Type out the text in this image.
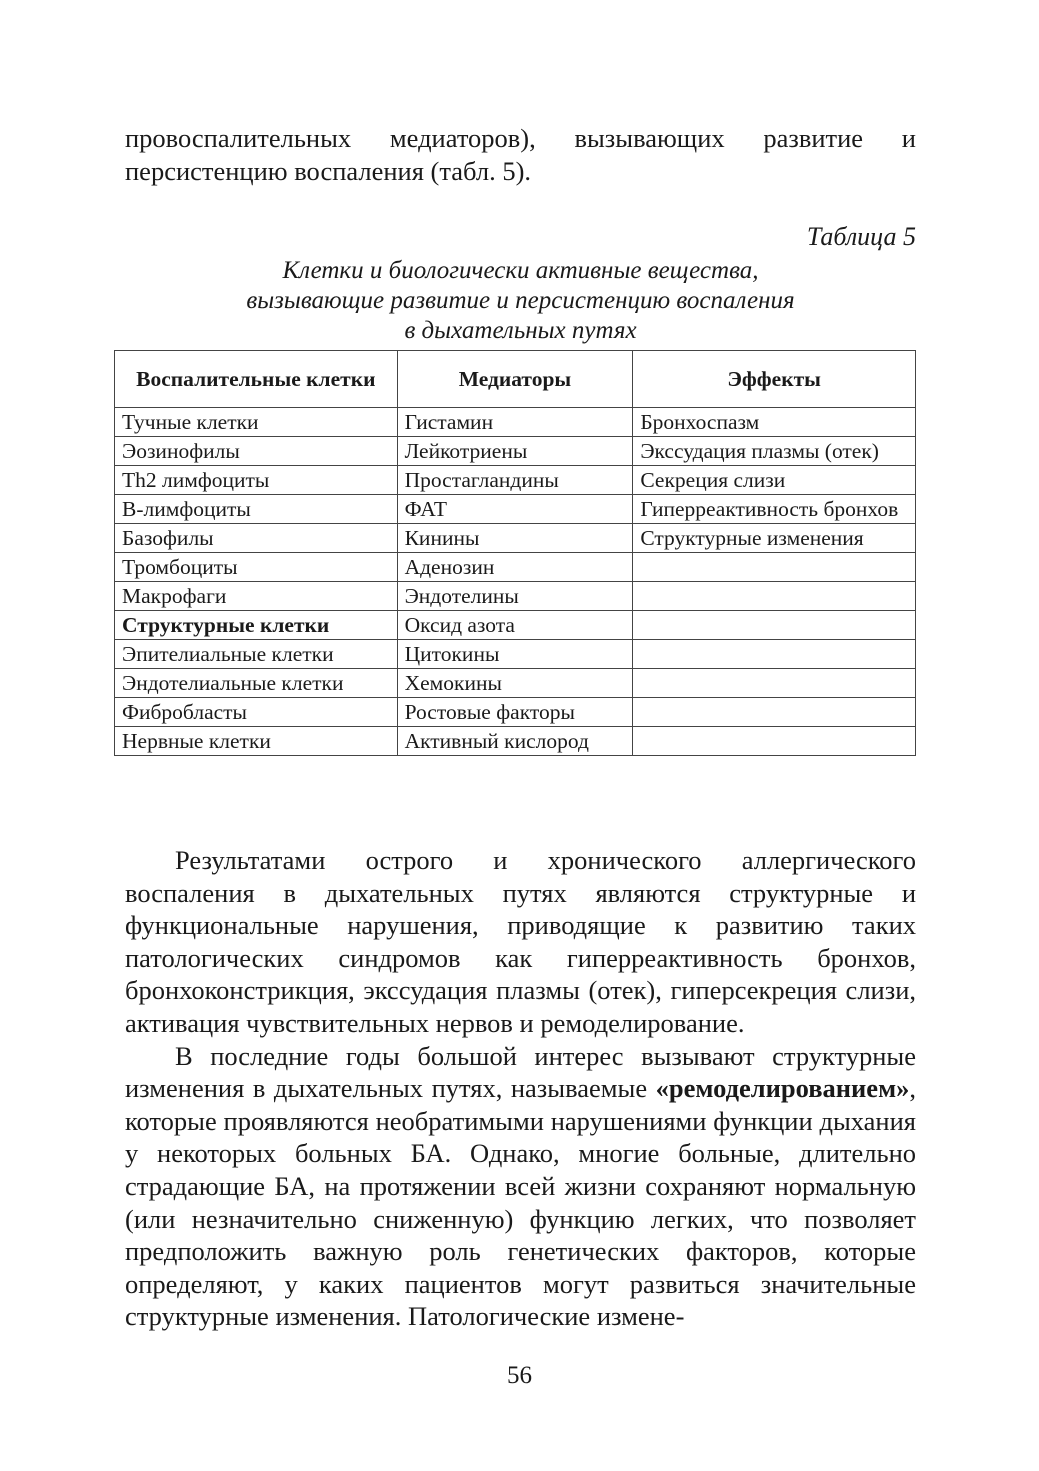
провоспалительных медиаторов), вызывающих развитие и персистенцию воспаления (табл. 5).

Таблица 5

Клетки и биологически активные вещества,
вызывающие развитие и персистенцию воспаления
в дыхательных путях
Воспалительные клетки	Медиаторы	Эффекты
Тучные клетки	Гистамин	Бронхоспазм
Эозинофилы	Лейкотриены	Экссудация плазмы (отек)
Th2 лимфоциты	Простагландины	Секреция слизи
В-лимфоциты	ФАТ	Гиперреактивность бронхов
Базофилы	Кинины	Структурные изменения
Тромбоциты	Аденозин	
Макрофаги	Эндотелины	
Структурные клетки	Оксид азота	
Эпителиальные клетки	Цитокины	
Эндотелиальные клетки	Хемокины	
Фибробласты	Ростовые факторы	
Нервные клетки	Активный кислород	

Результатами острого и хронического аллергического воспаления в дыхательных путях являются структурные и функциональные нарушения, приводящие к развитию таких патологических синдромов как гиперреактивность бронхов, бронхоконстрикция, экссудация плазмы (отек), гиперсекреция слизи, активация чувствительных нервов и ремоделирование.

В последние годы большой интерес вызывают структурные изменения в дыхательных путях, называемые «ремоделированием», которые проявляются необратимыми нарушениями функции дыхания у некоторых больных БА. Однако, многие больные, длительно страдающие БА, на протяжении всей жизни сохраняют нормальную (или незначительно сниженную) функцию легких, что позволяет предположить важную роль генетических факторов, которые определяют, у каких пациентов могут развиться значительные структурные изменения. Патологические измене-

56
